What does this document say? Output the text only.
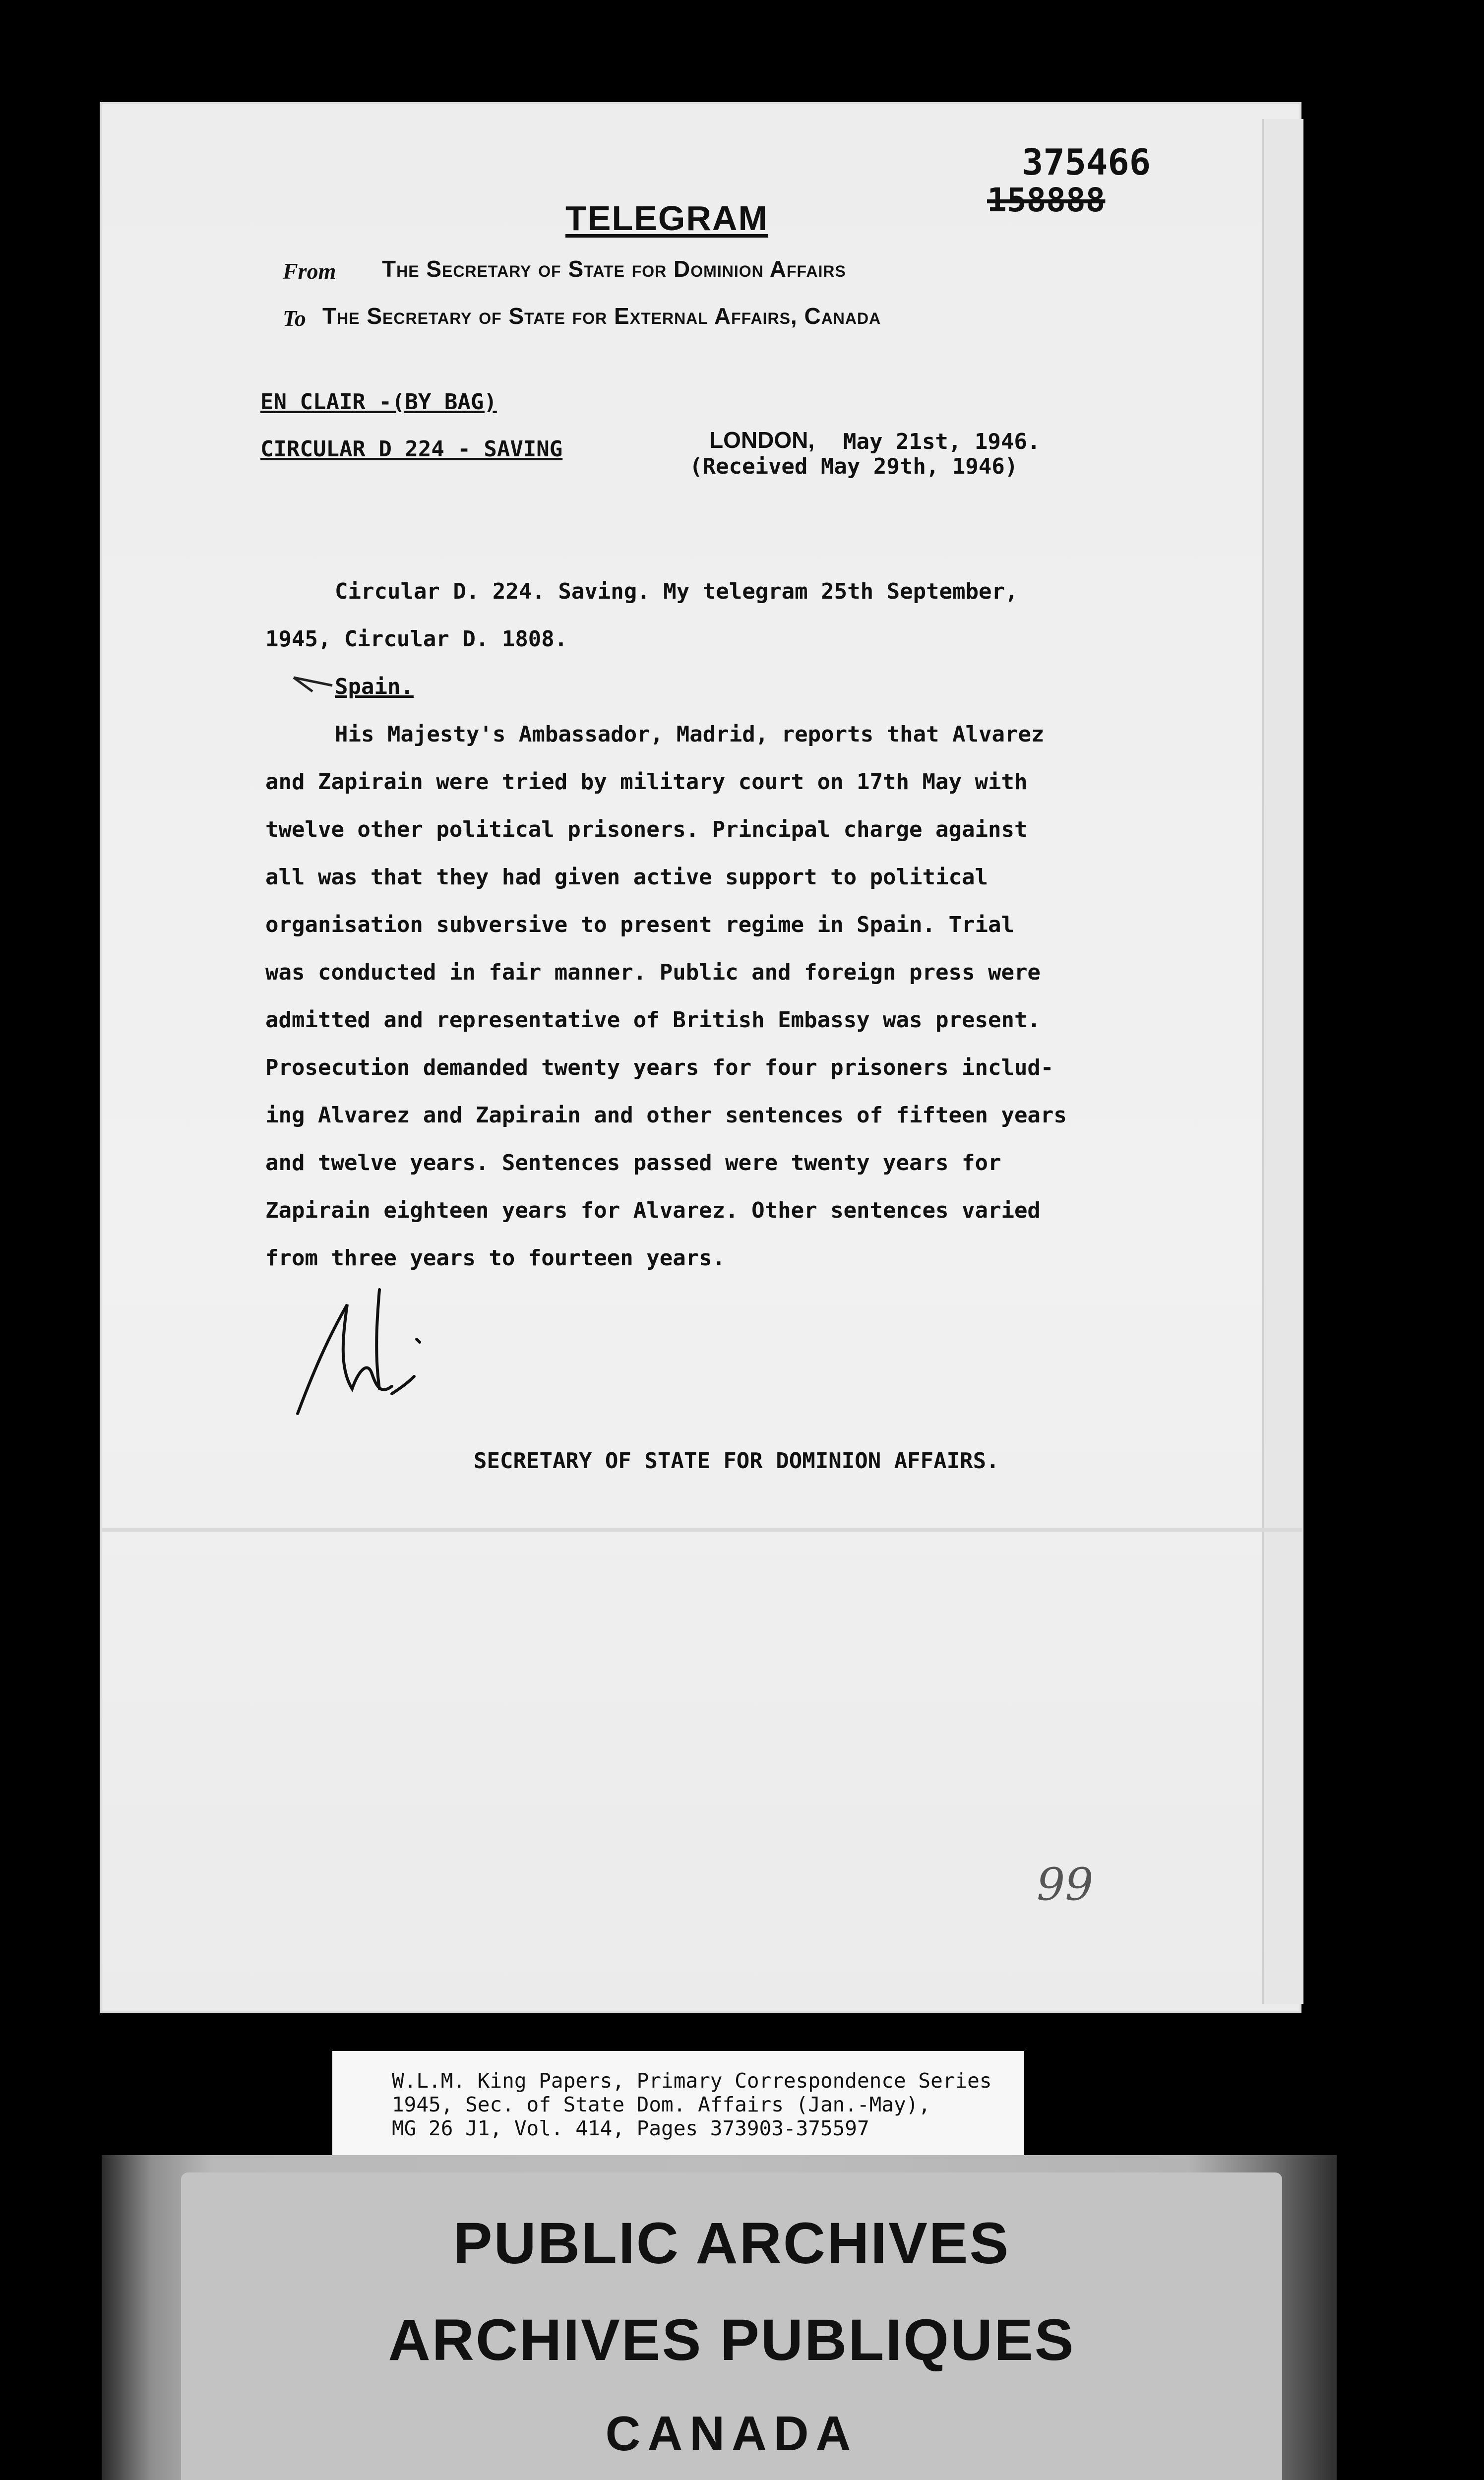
375466
158888
TELEGRAM
From The Secretary of State for Dominion Affairs
To The Secretary of State for External Affairs, Canada
EN CLAIR -(BY BAG)
CIRCULAR D 224 - SAVING	LONDON, May 21st, 1946.
(Received May 29th, 1946)
Circular D. 224. Saving. My telegram 25th September,
1945, Circular D. 1808.
Spain.
His Majesty's Ambassador, Madrid, reports that Alvarez
and Zapirain were tried by military court on 17th May with
twelve other political prisoners. Principal charge against
all was that they had given active support to political
organisation subversive to present regime in Spain. Trial
was conducted in fair manner. Public and foreign press were
admitted and representative of British Embassy was present.
Prosecution demanded twenty years for four prisoners includ-
ing Alvarez and Zapirain and other sentences of fifteen years
and twelve years. Sentences passed were twenty years for
Zapirain eighteen years for Alvarez. Other sentences varied
from three years to fourteen years.
SECRETARY OF STATE FOR DOMINION AFFAIRS.
99
W.L.M. King Papers, Primary Correspondence Series
1945, Sec. of State Dom. Affairs (Jan.-May),
MG 26 J1, Vol. 414, Pages 373903-375597
PUBLIC ARCHIVES
ARCHIVES PUBLIQUES
CANADA
